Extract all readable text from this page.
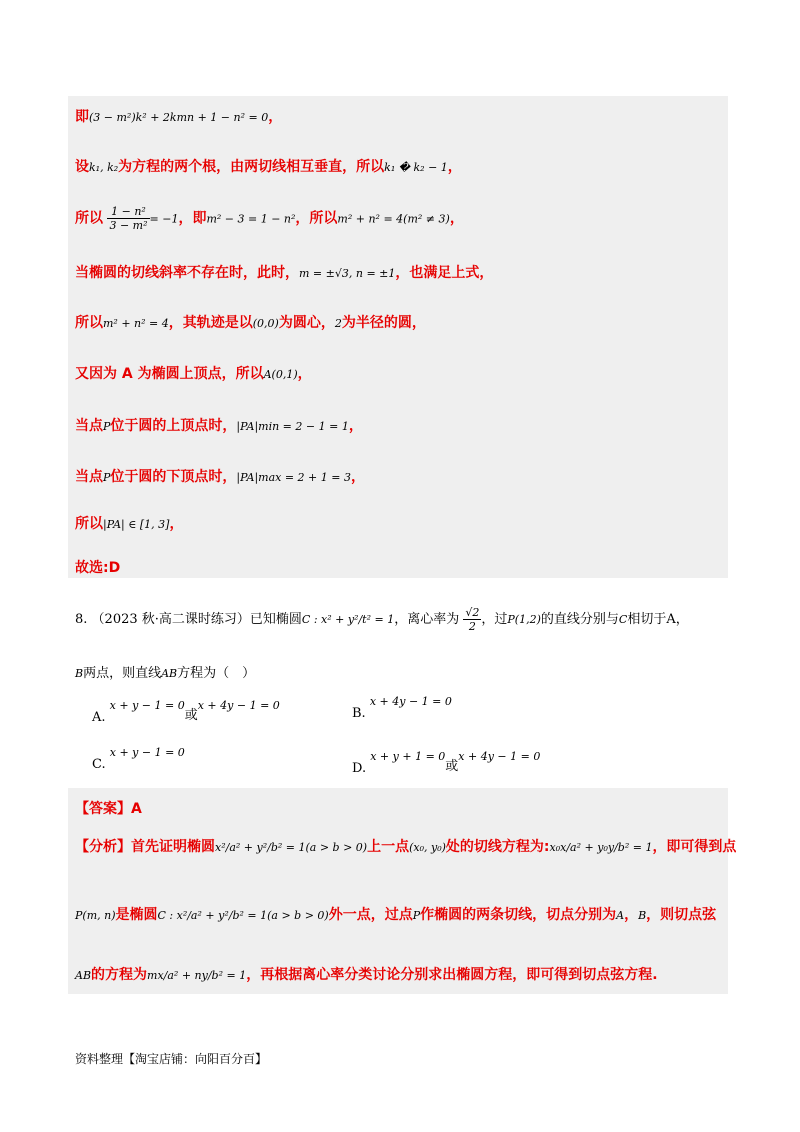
即(3 − m²)k² + 2kmn + 1 − n² = 0，
设k₁, k₂为方程的两个根，由两切线相互垂直，所以k₁ � k₂ − 1，
所以 $\frac{\text{1 − n²}}{\text{3 − m²}} = -1$，即m² − 3 = 1 − n²，所以m² + n² = 4(m² ≠ 3)，
当椭圆的切线斜率不存在时，此时，m = ±√3, n = ±1，也满足上式，
所以m² + n² = 4，其轨迹是以(0,0)为圆心，2为半径的圆，
又因为 A 为椭圆上顶点，所以A(0,1)，
当点P位于圆的上顶点时，|PA|min = 2 − 1 = 1，
当点P位于圆的下顶点时，|PA|max = 2 + 1 = 3，
所以|PA| ∈ [1, 3]，
故选:D
8. （2023 秋·高二课时练习）已知椭圆C : x² + y²/t² = 1，离心率为 $\frac{√2}{2}$ ，过P(1,2)的直线分别与C相切于A，
B两点，则直线AB方程为（　）
A. x + y − 1 = 0或x + 4y − 1 = 0
B. x + 4y − 1 = 0
C. x + y − 1 = 0
D. x + y + 1 = 0或x + 4y − 1 = 0
【答案】A
【分析】首先证明椭圆x²/a² + y²/b² = 1(a > b > 0)上一点(x₀, y₀)处的切线方程为:x₀x/a² + y₀y/b² = 1，即可得到点
P(m, n)是椭圆C : x²/a² + y²/b² = 1(a > b > 0)外一点，过点P作椭圆的两条切线，切点分别为A，B，则切点弦
AB的方程为mx/a² + ny/b² = 1，再根据离心率分类讨论分别求出椭圆方程，即可得到切点弦方程.
资料整理【淘宝店铺：向阳百分百】
